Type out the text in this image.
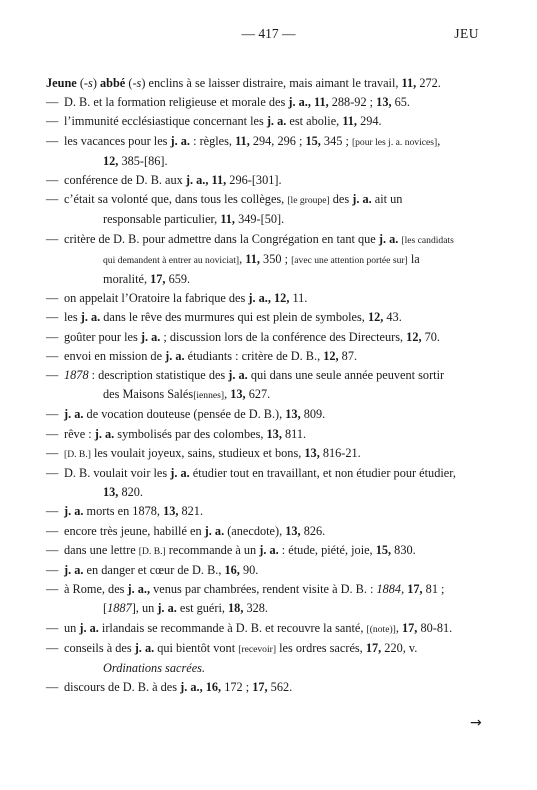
— 417 —	JEU
Jeune (-s) abbé (-s) enclins à se laisser distraire, mais aimant le travail, 11, 272.
— D. B. et la formation religieuse et morale des j. a., 11, 288-92 ; 13, 65.
— l’immunité ecclésiastique concernant les j. a. est abolie, 11, 294.
— les vacances pour les j. a. : règles, 11, 294, 296 ; 15, 345 ; [pour les j. a. novices], 12, 385-[86].
— conférence de D. B. aux j. a., 11, 296-[301].
— c’était sa volonté que, dans tous les collèges, [le groupe] des j. a. ait un responsable particulier, 11, 349-[50].
— critère de D. B. pour admettre dans la Congrégation en tant que j. a. [les candidats qui demandent à entrer au noviciat], 11, 350 ; [avec une attention portée sur] la moralité, 17, 659.
— on appelait l’Oratoire la fabrique des j. a., 12, 11.
— les j. a. dans le rêve des murmures qui est plein de symboles, 12, 43.
— goûter pour les j. a. ; discussion lors de la conférence des Directeurs, 12, 70.
— envoi en mission de j. a. étudiants : critère de D. B., 12, 87.
— 1878 : description statistique des j. a. qui dans une seule année peuvent sortir des Maisons Salés[iennes], 13, 627.
— j. a. de vocation douteuse (pensée de D. B.), 13, 809.
— rêve : j. a. symbolisés par des colombes, 13, 811.
— [D. B.] les voulait joyeux, sains, studieux et bons, 13, 816-21.
— D. B. voulait voir les j. a. étudier tout en travaillant, et non étudier pour étudier, 13, 820.
— j. a. morts en 1878, 13, 821.
— encore très jeune, habillé en j. a. (anecdote), 13, 826.
— dans une lettre [D. B.] recommande à un j. a. : étude, piété, joie, 15, 830.
— j. a. en danger et cœur de D. B., 16, 90.
— à Rome, des j. a., venus par chambrées, rendent visite à D. B. : 1884, 17, 81 ; [1887], un j. a. est guéri, 18, 328.
— un j. a. irlandais se recommande à D. B. et recouvre la santé, [(note)], 17, 80-81.
— conseils à des j. a. qui bientôt vont [recevoir] les ordres sacrés, 17, 220, v. Ordinations sacrées.
— discours de D. B. à des j. a., 16, 172 ; 17, 562.
→
